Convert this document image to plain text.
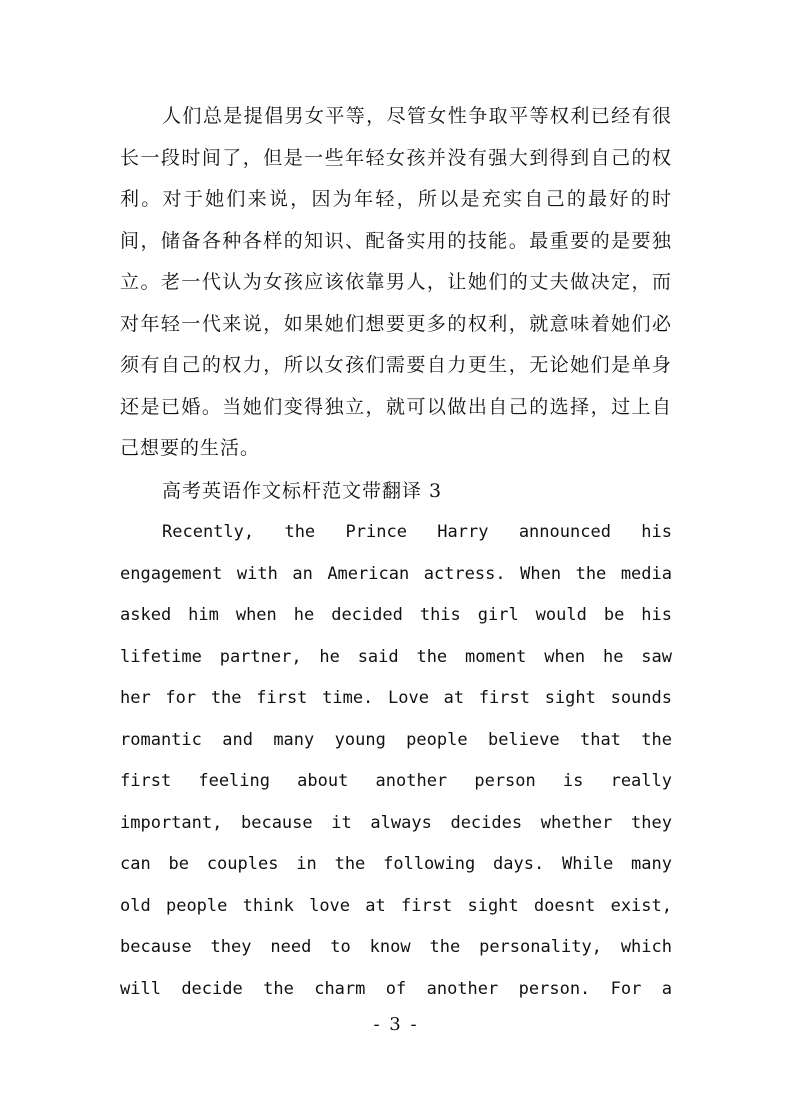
人们总是提倡男女平等，尽管女性争取平等权利已经有很长一段时间了，但是一些年轻女孩并没有强大到得到自己的权利。对于她们来说，因为年轻，所以是充实自己的最好的时间，储备各种各样的知识、配备实用的技能。最重要的是要独立。老一代认为女孩应该依靠男人，让她们的丈夫做决定，而对年轻一代来说，如果她们想要更多的权利，就意味着她们必须有自己的权力，所以女孩们需要自力更生，无论她们是单身还是已婚。当她们变得独立，就可以做出自己的选择，过上自己想要的生活。

高考英语作文标杆范文带翻译 3

Recently, the Prince Harry announced his
engagement with an American actress. When the media
asked him when he decided this girl would be his
lifetime partner, he said the moment when he saw
her for the first time. Love at first sight sounds
romantic and many young people believe that the
first feeling about another person is really
important, because it always decides whether they
can be couples in the following days. While many
old people think love at first sight doesnt exist,
because they need to know the personality, which
will decide the charm of another person. For a
- 3 -
